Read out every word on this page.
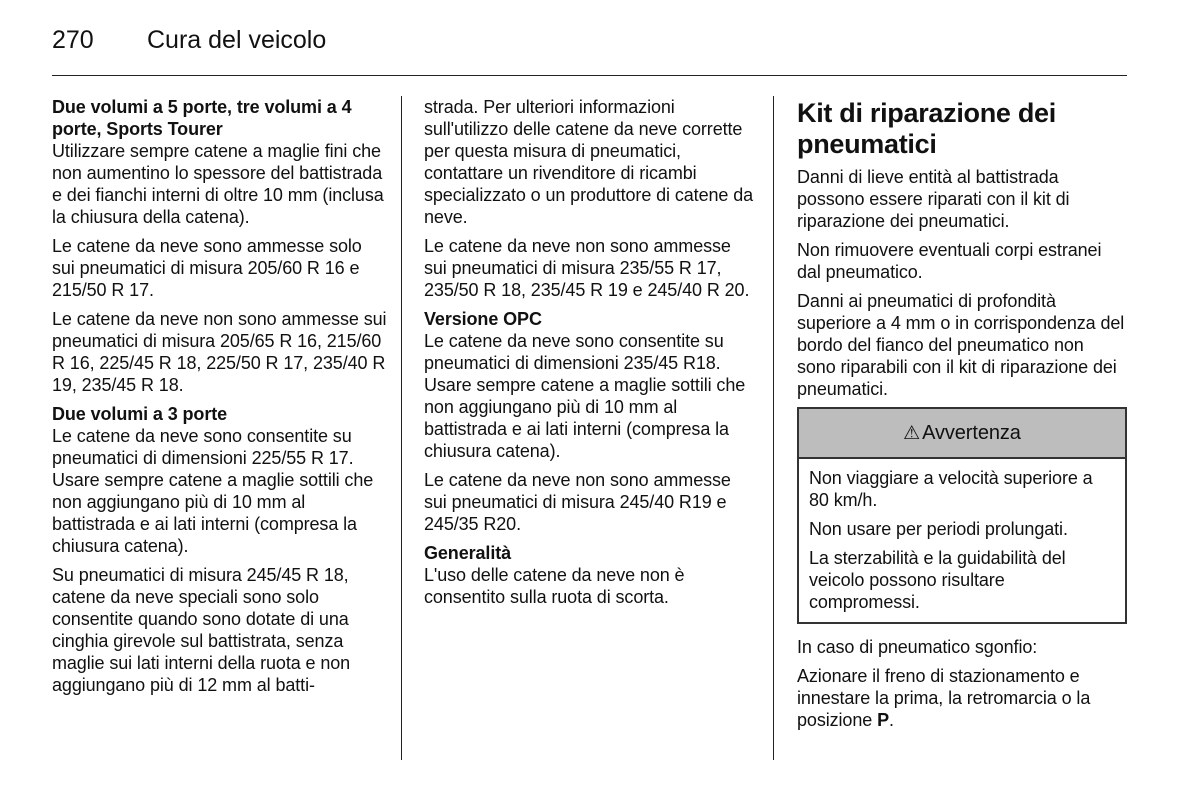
270 Cura del veicolo

Due volumi a 5 porte, tre volumi a 4 porte, Sports Tourer

Utilizzare sempre catene a maglie fini che non aumentino lo spessore del battistrada e dei fianchi interni di oltre 10 mm (inclusa la chiusura della catena).

Le catene da neve sono ammesse solo sui pneumatici di misura 205/60 R 16 e 215/50 R 17.

Le catene da neve non sono ammesse sui pneumatici di misura 205/65 R 16, 215/60 R 16, 225/45 R 18, 225/50 R 17, 235/40 R 19, 235/45 R 18.

Due volumi a 3 porte

Le catene da neve sono consentite su pneumatici di dimensioni 225/55 R 17. Usare sempre catene a maglie sottili che non aggiungano più di 10 mm al battistrada e ai lati interni (compresa la chiusura catena).

Su pneumatici di misura 245/45 R 18, catene da neve speciali sono solo consentite quando sono dotate di una cinghia girevole sul battistrata, senza maglie sui lati interni della ruota e non aggiungano più di 12 mm al batti-

strada. Per ulteriori informazioni sull'utilizzo delle catene da neve corrette per questa misura di pneumatici, contattare un rivenditore di ricambi specializzato o un produttore di catene da neve.

Le catene da neve non sono ammesse sui pneumatici di misura 235/55 R 17, 235/50 R 18, 235/45 R 19 e 245/40 R 20.

Versione OPC

Le catene da neve sono consentite su pneumatici di dimensioni 235/45 R18. Usare sempre catene a maglie sottili che non aggiungano più di 10 mm al battistrada e ai lati interni (compresa la chiusura catena).

Le catene da neve non sono ammesse sui pneumatici di misura 245/40 R19 e 245/35 R20.

Generalità

L'uso delle catene da neve non è consentito sulla ruota di scorta.

Kit di riparazione dei pneumatici

Danni di lieve entità al battistrada possono essere riparati con il kit di riparazione dei pneumatici.

Non rimuovere eventuali corpi estranei dal pneumatico.

Danni ai pneumatici di profondità superiore a 4 mm o in corrispondenza del bordo del fianco del pneumatico non sono riparabili con il kit di riparazione dei pneumatici.

⚠ Avvertenza

Non viaggiare a velocità superiore a 80 km/h.

Non usare per periodi prolungati.

La sterzabilità e la guidabilità del veicolo possono risultare compromessi.

In caso di pneumatico sgonfio:

Azionare il freno di stazionamento e innestare la prima, la retromarcia o la posizione P.
